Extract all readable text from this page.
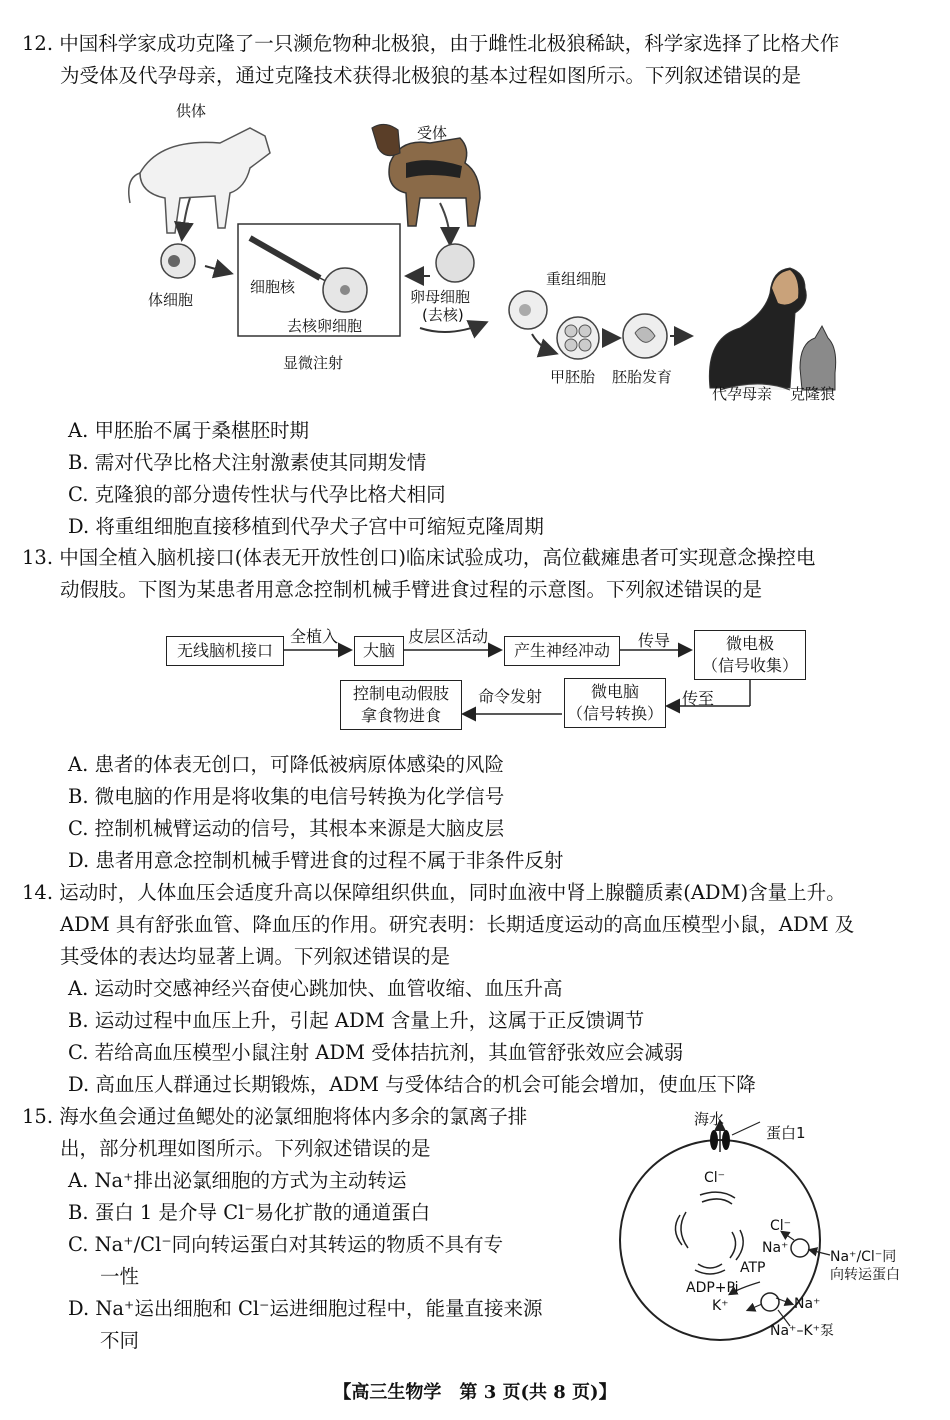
12. 中国科学家成功克隆了一只濒危物种北极狼，由于雌性北极狼稀缺，科学家选择了比格犬作
为受体及代孕母亲，通过克隆技术获得北极狼的基本过程如图所示。下列叙述错误的是
供体
受体
体细胞
细胞核
去核卵细胞
显微注射
卵母细胞
(去核)
重组细胞
甲胚胎 胚胎发育
代孕母亲 克隆狼
A. 甲胚胎不属于桑椹胚时期
B. 需对代孕比格犬注射激素使其同期发情
C. 克隆狼的部分遗传性状与代孕比格犬相同
D. 将重组细胞直接移植到代孕犬子宫中可缩短克隆周期
13. 中国全植入脑机接口(体表无开放性创口)临床试验成功，高位截瘫患者可实现意念操控电
动假肢。下图为某患者用意念控制机械手臂进食过程的示意图。下列叙述错误的是
无线脑机接口
全植入
大脑
皮层区活动
产生神经冲动
传导	微电极
（信号收集）
传至
微电脑
（信号转换）
命令发射
控制电动假肢
拿食物进食
A. 患者的体表无创口，可降低被病原体感染的风险
B. 微电脑的作用是将收集的电信号转换为化学信号
C. 控制机械臂运动的信号，其根本来源是大脑皮层
D. 患者用意念控制机械手臂进食的过程不属于非条件反射
14. 运动时，人体血压会适度升高以保障组织供血，同时血液中肾上腺髓质素(ADM)含量上升。
ADM 具有舒张血管、降血压的作用。研究表明：长期适度运动的高血压模型小鼠，ADM 及
其受体的表达均显著上调。下列叙述错误的是
A. 运动时交感神经兴奋使心跳加快、血管收缩、血压升高
B. 运动过程中血压上升，引起 ADM 含量上升，这属于正反馈调节
C. 若给高血压模型小鼠注射 ADM 受体拮抗剂，其血管舒张效应会减弱
D. 高血压人群通过长期锻炼，ADM 与受体结合的机会可能会增加，使血压下降
15. 海水鱼会通过鱼鳃处的泌氯细胞将体内多余的氯离子排
出，部分机理如图所示。下列叙述错误的是
A. Na⁺排出泌氯细胞的方式为主动转运
B. 蛋白 1 是介导 Cl⁻易化扩散的通道蛋白
C. Na⁺/Cl⁻同向转运蛋白对其转运的物质不具有专
一性
D. Na⁺运出细胞和 Cl⁻运进细胞过程中，能量直接来源
不同
海水
蛋白1
Cl⁻
Cl⁻
Na⁺
Na⁺/Cl⁻同
向转运蛋白
ATP
ADP+Pi
K⁺	Na⁺
Na⁺–K⁺泵
【高三生物学　第 3 页(共 8 页)】
